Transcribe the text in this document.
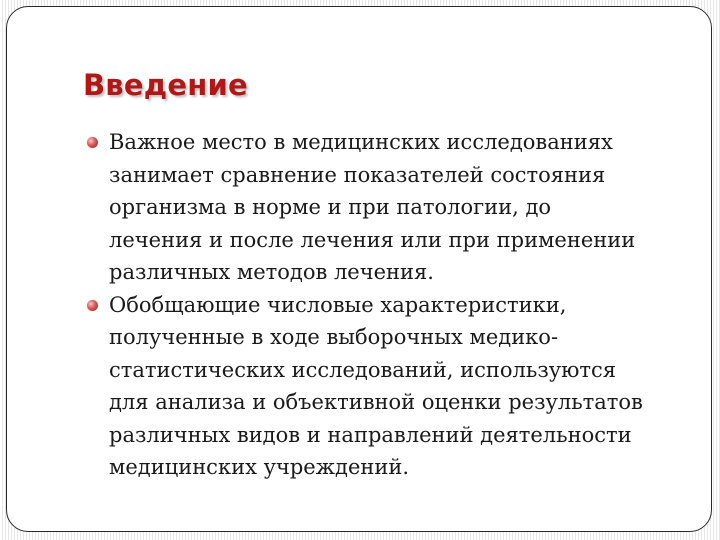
Введение
Важное место в медицинских исследованиях
занимает сравнение показателей состояния
организма в норме и при патологии, до
лечения и после лечения или при применении
различных методов лечения.
Обобщающие числовые характеристики,
полученные в ходе выборочных медико-
статистических исследований, используются
для анализа и объективной оценки результатов
различных видов и направлений деятельности
медицинских учреждений.
